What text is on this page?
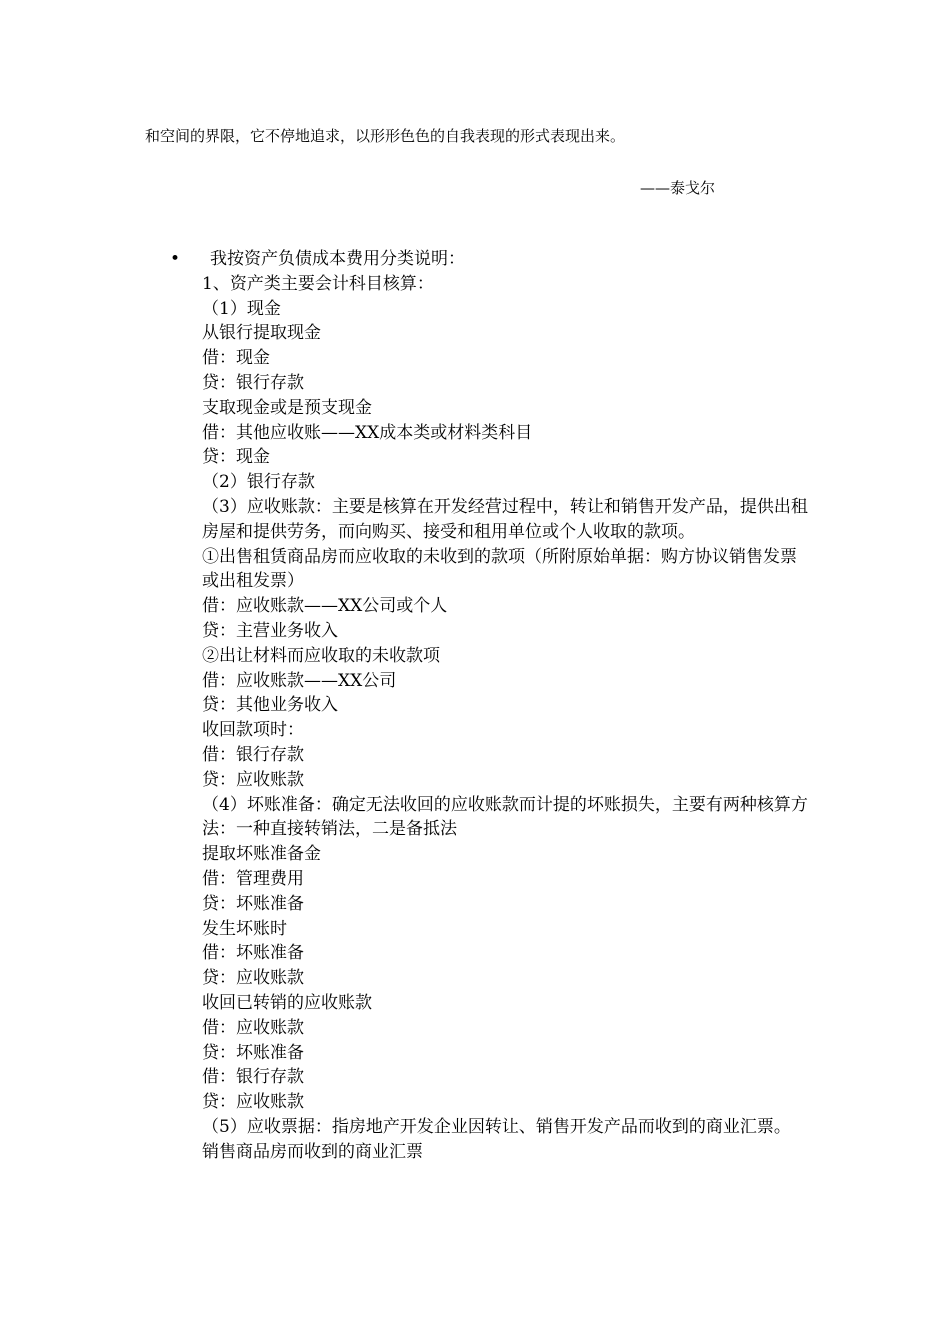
和空间的界限，它不停地追求，以形形色色的自我表现的形式表现出来。
——泰戈尔
•	我按资产负债成本费用分类说明：
1、资产类主要会计科目核算：
（1）现金
从银行提取现金
借：现金
贷：银行存款
支取现金或是预支现金
借：其他应收账——XX成本类或材料类科目
贷：现金
（2）银行存款
（3）应收账款：主要是核算在开发经营过程中，转让和销售开发产品，提供出租房屋和提供劳务，而向购买、接受和租用单位或个人收取的款项。
①出售租赁商品房而应收取的未收到的款项（所附原始单据：购方协议销售发票或出租发票）
借：应收账款——XX公司或个人
贷：主营业务收入
②出让材料而应收取的未收款项
借：应收账款——XX公司
贷：其他业务收入
收回款项时：
借：银行存款
贷：应收账款
（4）坏账准备：确定无法收回的应收账款而计提的坏账损失，主要有两种核算方法：一种直接转销法，二是备抵法
提取坏账准备金
借：管理费用
贷：坏账准备
发生坏账时
借：坏账准备
贷：应收账款
收回已转销的应收账款
借：应收账款
贷：坏账准备
借：银行存款
贷：应收账款
（5）应收票据：指房地产开发企业因转让、销售开发产品而收到的商业汇票。
销售商品房而收到的商业汇票
